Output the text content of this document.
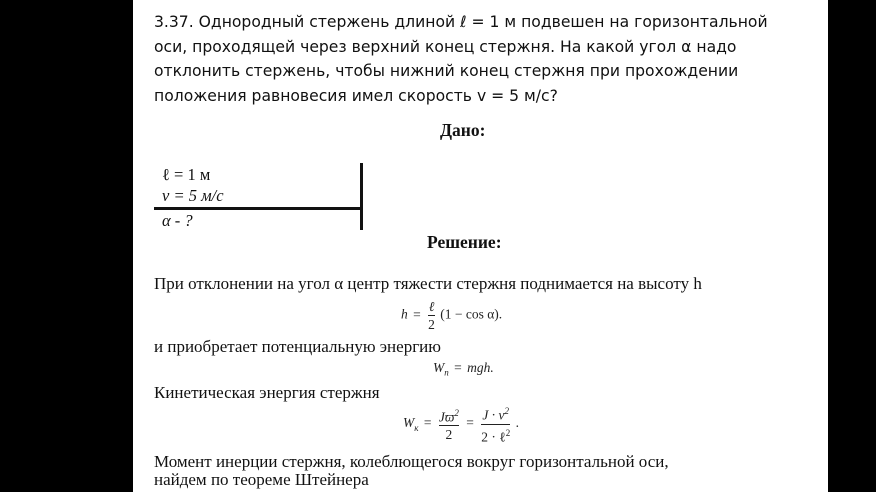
3.37. Однородный стержень длиной ℓ = 1 м подвешен на горизонтальной
оси, проходящей через верхний конец стержня. На какой угол α надо
отклонить стержень, чтобы нижний конец стержня при прохождении
положения равновесия имел скорость v = 5 м/с?
Дано:
ℓ = 1 м
v = 5 м/с
α - ?
Решение:
При отклонении на угол α центр тяжести стержня поднимается на высоту h
$h = \frac{\text{ℓ}}{2} (1 - \cos \alpha)$.
и приобретает потенциальную энергию
$W_п$ = mgh.
Кинетическая энергия стержня
$W_к = \frac{Jϖ^2}{2} = \frac{J \cdot v^2}{2 \cdot \ell^2}$ .
Момент инерции стержня, колеблющегося вокруг горизонтальной оси,
найдем по теореме Штейнера
